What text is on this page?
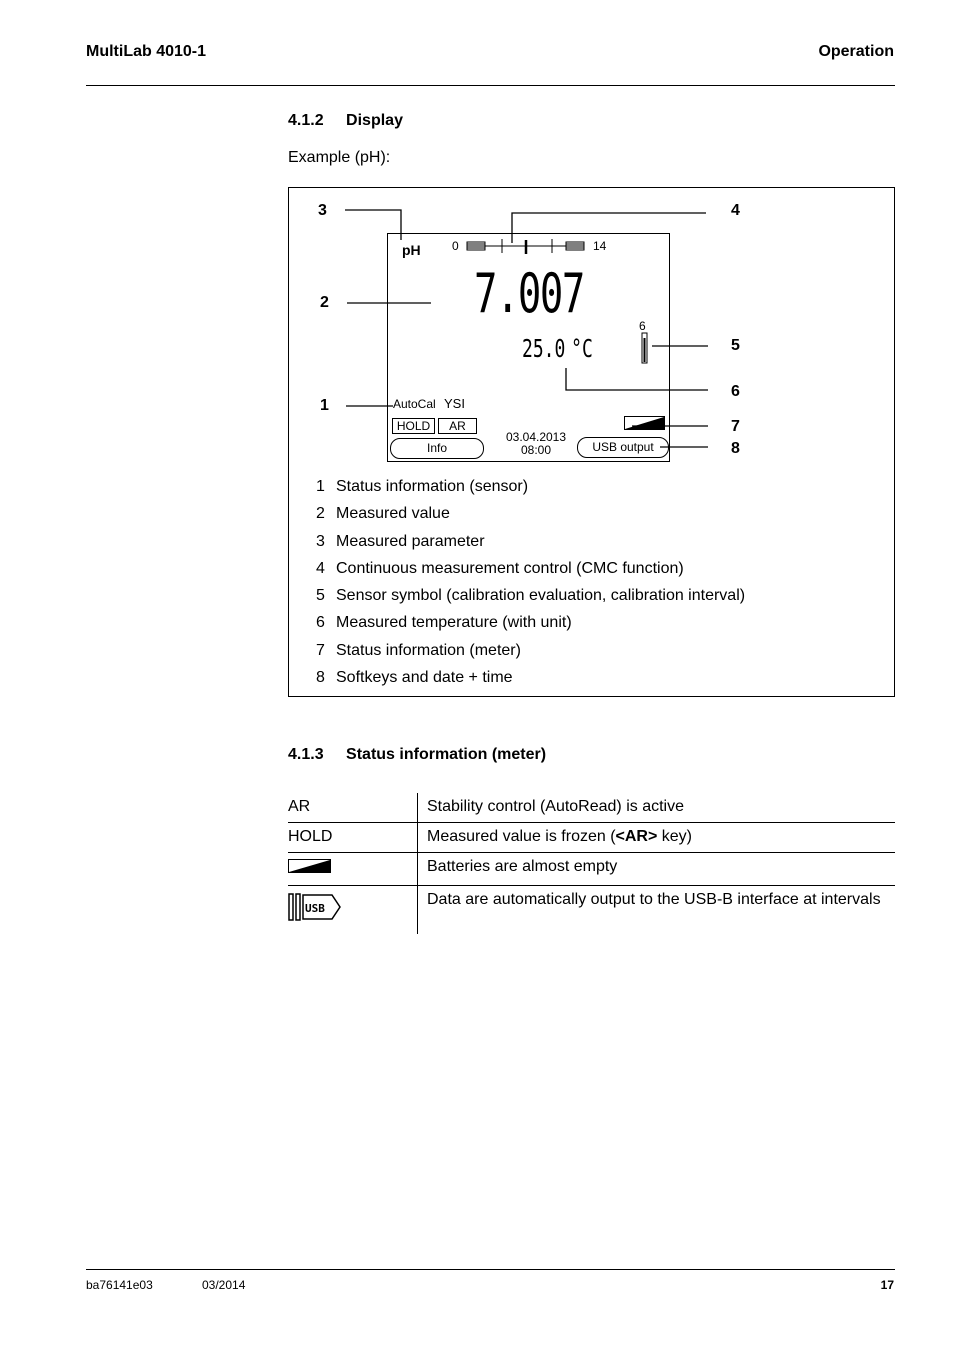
MultiLab 4010-1	Operation
4.1.2 Display
Example (pH):
3	4
2
5
6
1
7
8
pH	0	14
7.007
25.0 °C
6
AutoCal YSI
HOLD	AR
Info
03.04.2013
08:00	USB output
1 Status information (sensor)
2 Measured value
3 Measured parameter
4 Continuous measurement control (CMC function)
5 Sensor symbol (calibration evaluation, calibration interval)
6 Measured temperature (with unit)
7 Status information (meter)
8 Softkeys and date + time
4.1.3 Status information (meter)
AR	Stability control (AutoRead) is active
HOLD	Measured value is frozen (<AR> key)
	Batteries are almost empty

USB	Data are automatically output to the USB-B interface at intervals
ba76141e03	03/2014	17
